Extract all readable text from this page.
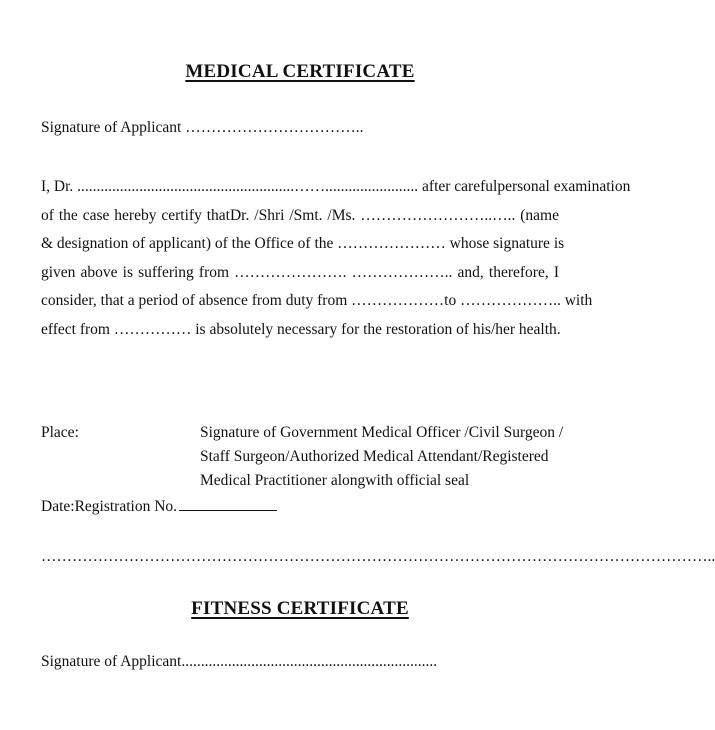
MEDICAL CERTIFICATE
Signature of Applicant ……………………………..
I, Dr. ........................................................……........................ after carefulpersonal examination
of the case hereby certify thatDr. /Shri /Smt. /Ms. ……………………..….. (name
& designation of applicant) of the Office of the ………………… whose signature is
given above is suffering from …………………. ……………….. and, therefore, I
consider, that a period of absence from duty from ………………to ……………….. with
effect from …………… is absolutely necessary for the restoration of his/her health.
Place:	Signature of Government Medical Officer /Civil Surgeon /
Staff Surgeon/Authorized Medical Attendant/Registered
Medical Practitioner alongwith official seal
Date:Registration No.
…………………………………………………………………………………………………………………..
FITNESS CERTIFICATE
Signature of Applicant..................................................................
